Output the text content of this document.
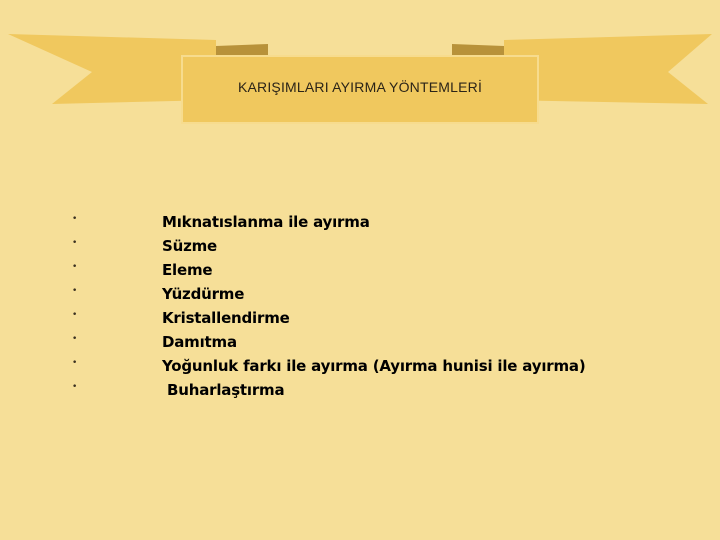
KARIŞIMLARI AYIRMA YÖNTEMLERİ
•	Mıknatıslanma ile ayırma
•	Süzme
•	Eleme
•	Yüzdürme
•	Kristallendirme
•	Damıtma
•	Yoğunluk farkı ile ayırma (Ayırma hunisi ile ayırma)
•	Buharlaştırma
